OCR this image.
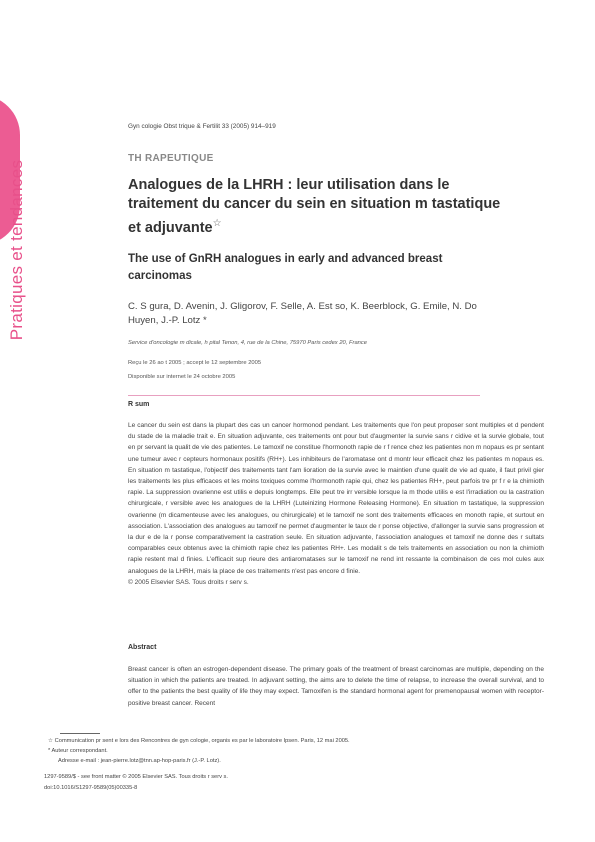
Pratiques et tendances
Gyn cologie Obst trique & Fertilit 33 (2005) 914–919
TH RAPEUTIQUE
Analogues de la LHRH : leur utilisation dans le traitement du cancer du sein en situation m tastatique et adjuvante☆
The use of GnRH analogues in early and advanced breast carcinomas
C. S gura, D. Avenin, J. Gligorov, F. Selle, A. Est so, K. Beerblock, G. Emile, N. Do Huyen, J.-P. Lotz *
Service d'oncologie m dicale, h pital Tenon, 4, rue de la Chine, 75970 Paris cedex 20, France
Reçu le 26 ao t 2005 ; accept le 12 septembre 2005
Disponible sur internet le 24 octobre 2005
R sum

Le cancer du sein est dans la plupart des cas un cancer hormonod pendant. Les traitements que l'on peut proposer sont multiples et d pendent du stade de la maladie trait e. En situation adjuvante, ces traitements ont pour but d'augmenter la survie sans r cidive et la survie globale, tout en pr servant la qualit de vie des patientes. Le tamoxif ne constitue l'hormonoth rapie de r f rence chez les patientes non m nopaus es pr sentant une tumeur avec r cepteurs hormonaux positifs (RH+). Les inhibiteurs de l'aromatase ont d montr leur efficacit chez les patientes m nopaus es. En situation m tastatique, l'objectif des traitements tant l'am lioration de la survie avec le maintien d'une qualit de vie ad quate, il faut privil gier les traitements les plus efficaces et les moins toxiques comme l'hormonoth rapie qui, chez les patientes RH+, peut parfois tre pr f r e la chimioth rapie. La suppression ovarienne est utilis e depuis longtemps. Elle peut tre irr versible lorsque la m thode utilis e est l'irradiation ou la castration chirurgicale, r versible avec les analogues de la LHRH (Luteinizing Hormone Releasing Hormone). En situation m tastatique, la suppression ovarienne (m dicamenteuse avec les analogues, ou chirurgicale) et le tamoxif ne sont des traitements efficaces en monoth rapie, et surtout en association. L'association des analogues au tamoxif ne permet d'augmenter le taux de r ponse objective, d'allonger la survie sans progression et la dur e de la r ponse comparativement la castration seule. En situation adjuvante, l'association analogues et tamoxif ne donne des r sultats comparables ceux obtenus avec la chimioth rapie chez les patientes RH+. Les modalit s de tels traitements en association ou non la chimioth rapie restent mal d finies. L'efficacit sup rieure des antiaromatases sur le tamoxif ne rend int ressante la combinaison de ces mol cules aux analogues de la LHRH, mais la place de ces traitements n'est pas encore d finie.

© 2005 Elsevier SAS. Tous droits r serv s.

Abstract

Breast cancer is often an estrogen-dependent disease. The primary goals of the treatment of breast carcinomas are multiple, depending on the situation in which the patients are treated. In adjuvant setting, the aims are to delete the time of relapse, to increase the overall survival, and to offer to the patients the best quality of life they may expect. Tamoxifen is the standard hormonal agent for premenopausal women with receptor-positive breast cancer. Recent

☆ Communication pr sent e lors des Rencontres de gyn cologie, organis es par le laboratoire Ipsen. Paris, 12 mai 2005.
* Auteur correspondant.
Adresse e-mail : jean-pierre.lotz@tnn.ap-hop-paris.fr (J.-P. Lotz).
1297-9589/$ - see front matter © 2005 Elsevier SAS. Tous droits r serv s.
doi:10.1016/S1297-9589(05)00335-8
